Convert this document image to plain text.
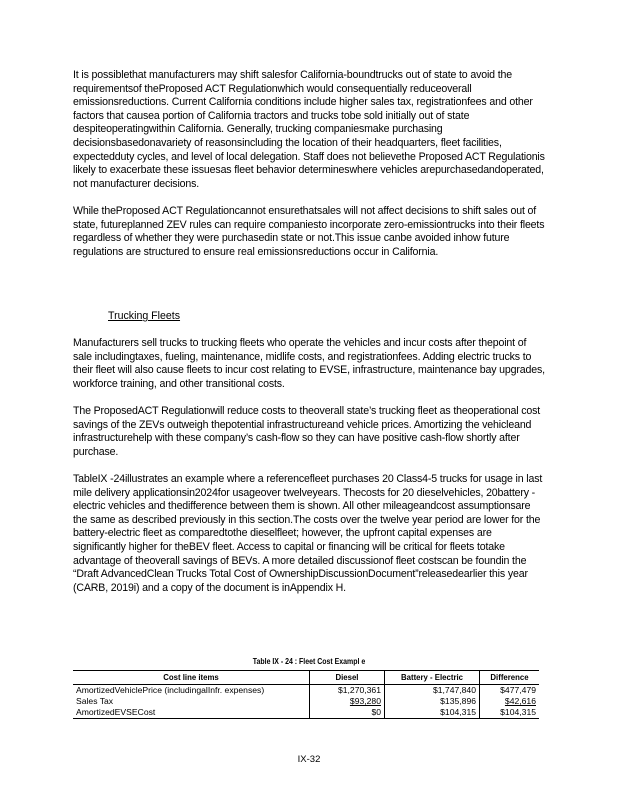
It is possiblethat manufacturers may shift salesfor California-boundtrucks out of state to avoid the requirementsof theProposed ACT Regulationwhich would consequentially reduceoverall emissionsreductions. Current California conditions include higher sales tax, registrationfees and other factors that causea portion of California tractors and trucks tobe sold initially out of state despiteoperatingwithin California. Generally, trucking companiesmake purchasing decisionsbasedonavariety of reasonsincluding the location of their headquarters, fleet facilities, expectedduty cycles, and level of local delegation. Staff does not believethe Proposed ACT Regulationis likely to exacerbate these issuesas fleet behavior determineswhere vehicles arepurchasedandoperated, not manufacturer decisions.

While theProposed ACT Regulationcannot ensurethatsales will not affect decisions to shift sales out of state, futureplanned ZEV rules can require companiesto incorporate zero-emissiontrucks into their fleets regardless of whether they were purchasedin state or not.This issue canbe avoided inhow future regulations are structured to ensure real emissionsreductions occur in California.

Trucking Fleets

Manufacturers sell trucks to trucking fleets who operate the vehicles and incur costs after thepoint of sale includingtaxes, fueling, maintenance, midlife costs, and registrationfees. Adding electric trucks to their fleet will also cause fleets to incur cost relating to EVSE, infrastructure, maintenance bay upgrades, workforce training, and other transitional costs.

The ProposedACT Regulationwill reduce costs to theoverall state’s trucking fleet as theoperational cost savings of the ZEVs outweigh thepotential infrastructureand vehicle prices. Amortizing the vehicleand infrastructurehelp with these company’s cash-flow so they can have positive cash-flow shortly after purchase.

TableIX -24illustrates an example where a referencefleet purchases 20 Class4-5 trucks for usage in last mile delivery applicationsin2024for usageover twelveyears. Thecosts for 20 dieselvehicles, 20battery -electric vehicles and thedifference between them is shown. All other mileageandcost assumptionsare the same as described previously in this section.The costs over the twelve year period are lower for the battery-electric fleet as comparedtothe dieselfleet; however, the upfront capital expenses are significantly higher for theBEV fleet. Access to capital or financing will be critical for fleets totake advantage of theoverall savings of BEVs. A more detailed discussionof fleet costscan be foundin the “Draft AdvancedClean Trucks Total Cost of OwnershipDiscussionDocument”releasedearlier this year (CARB, 2019i) and a copy of the document is inAppendix H.

Table IX - 24 : Fleet Cost Exampl e
Cost line items	Diesel	Battery - Electric	Difference
AmortizedVehiclePrice (includingalInfr. expenses)	$1,270,361	$1,747,840	$477,479
Sales Tax	$93,280	$135,896	$42,616
AmortizedEVSECost	$0	$104,315	$104,315
IX-32
